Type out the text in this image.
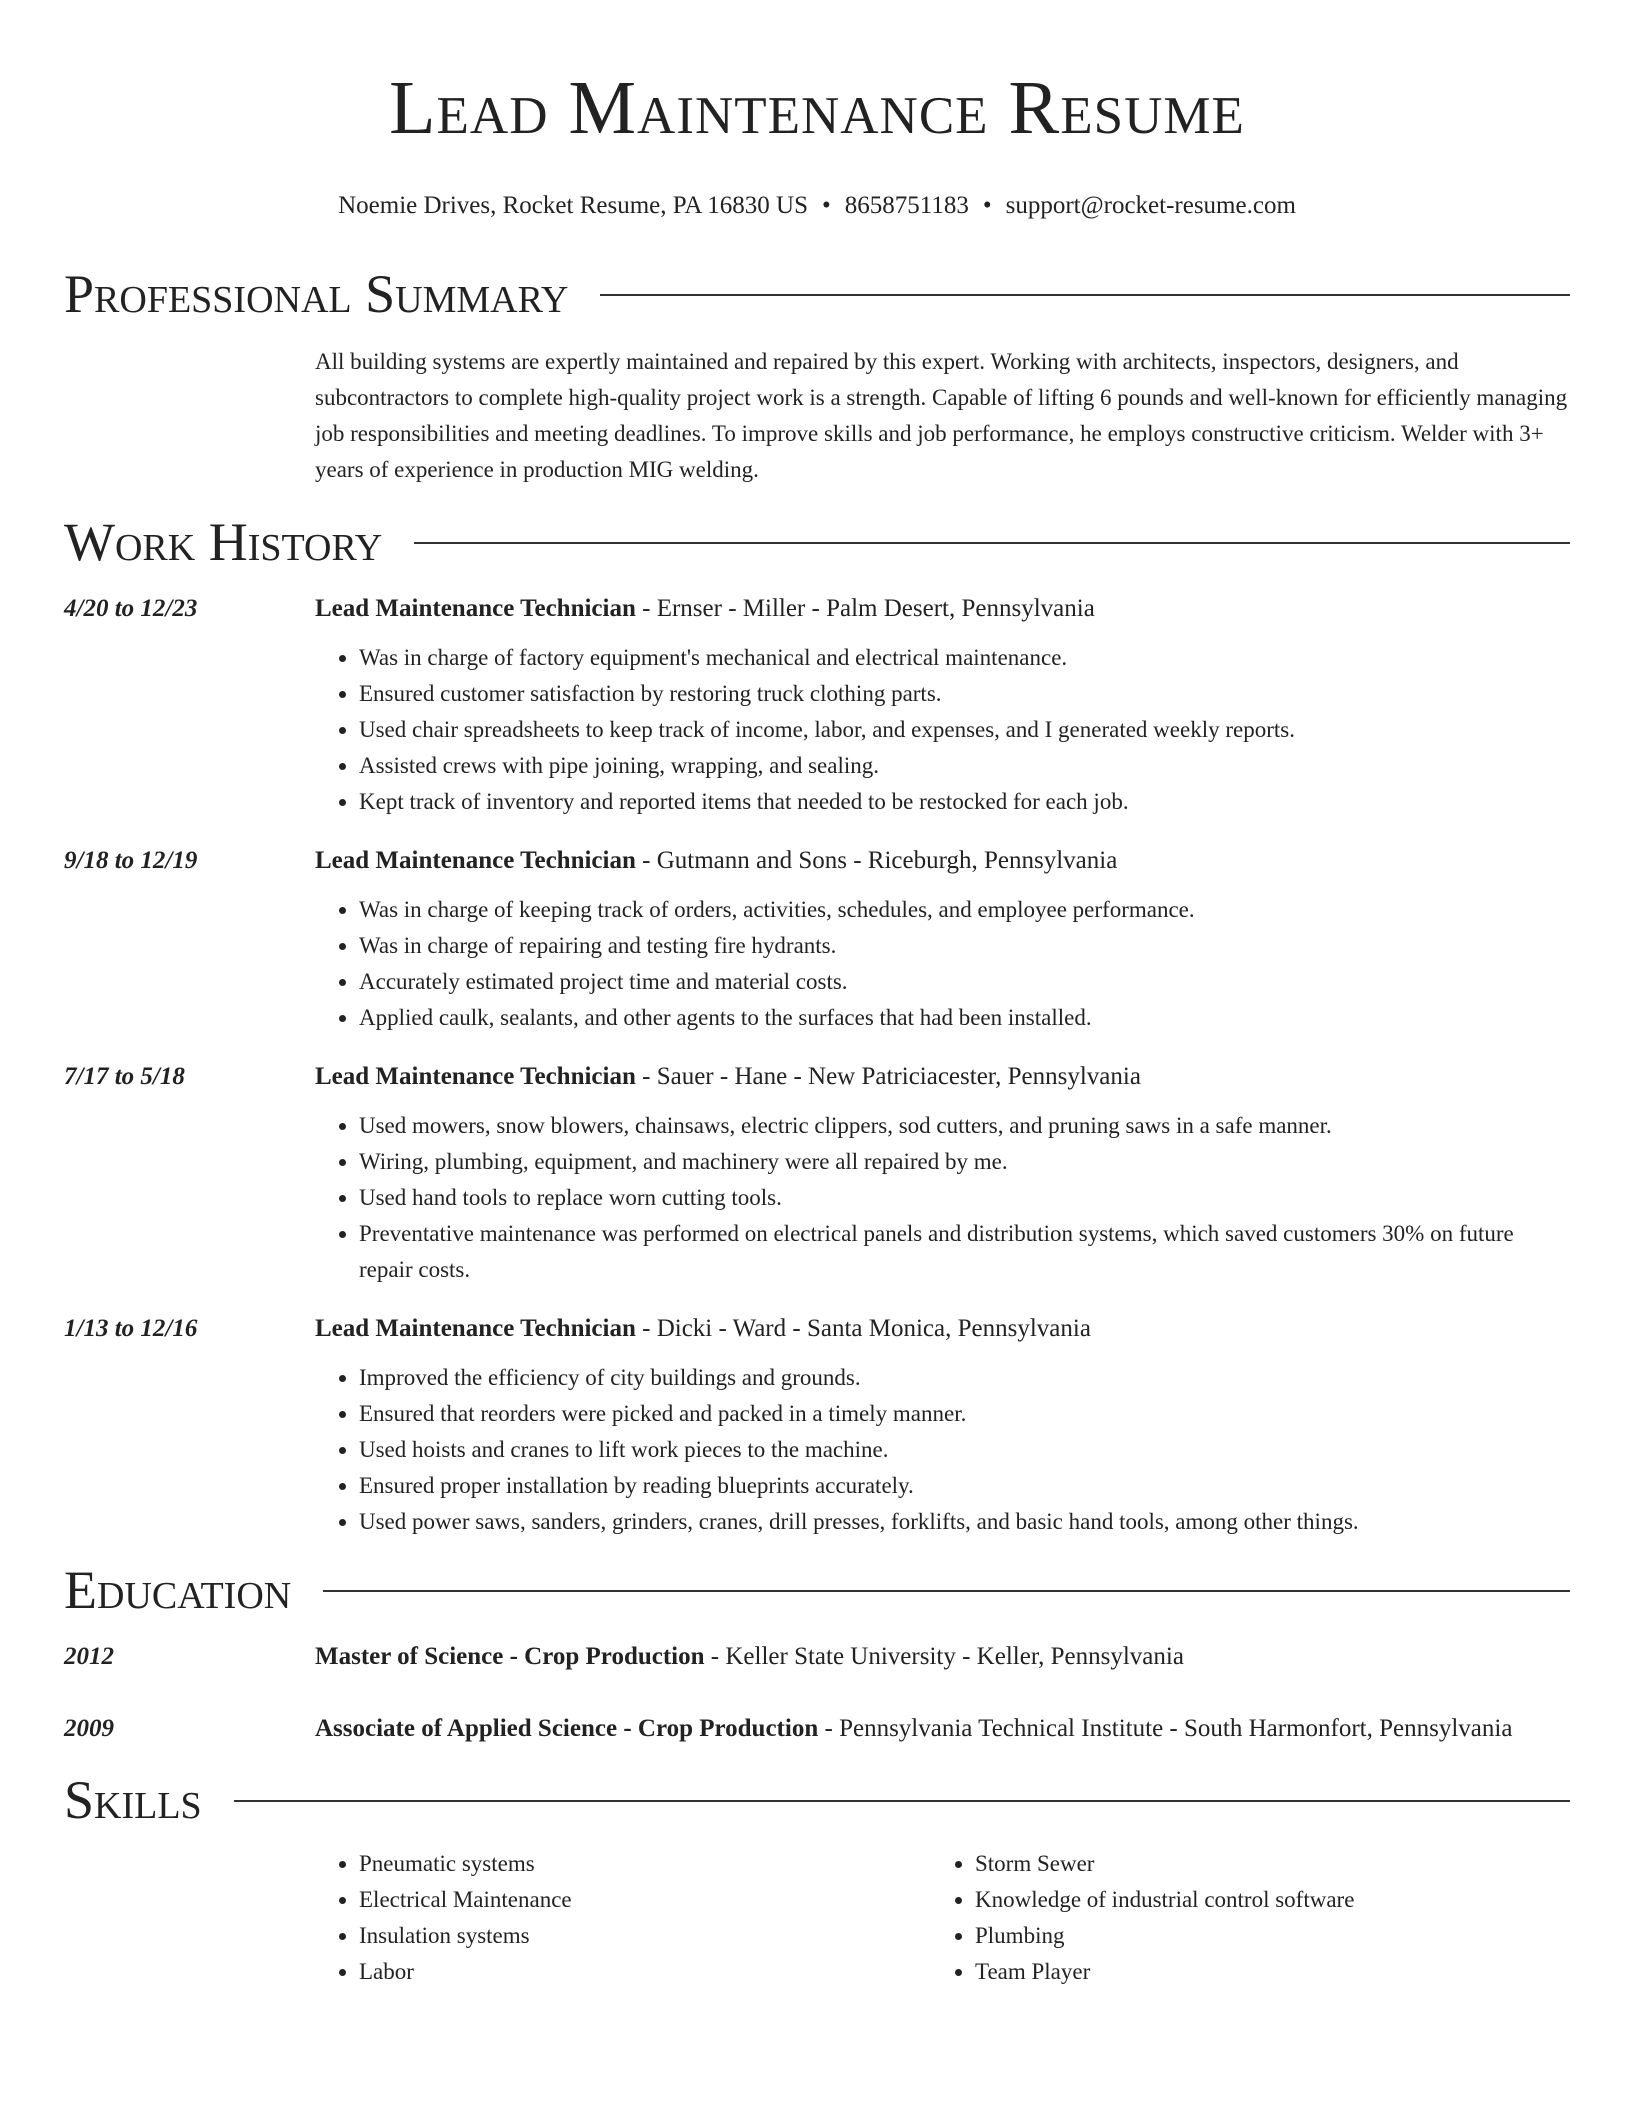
Lead Maintenance Resume
Noemie Drives, Rocket Resume, PA 16830 US • 8658751183 • support@rocket-resume.com
Professional Summary
All building systems are expertly maintained and repaired by this expert. Working with architects, inspectors, designers, and subcontractors to complete high-quality project work is a strength. Capable of lifting 6 pounds and well-known for efficiently managing job responsibilities and meeting deadlines. To improve skills and job performance, he employs constructive criticism. Welder with 3+ years of experience in production MIG welding.
Work History
4/20 to 12/23	Lead Maintenance Technician - Ernser - Miller - Palm Desert, Pennsylvania
• Was in charge of factory equipment's mechanical and electrical maintenance.
• Ensured customer satisfaction by restoring truck clothing parts.
• Used chair spreadsheets to keep track of income, labor, and expenses, and I generated weekly reports.
• Assisted crews with pipe joining, wrapping, and sealing.
• Kept track of inventory and reported items that needed to be restocked for each job.
9/18 to 12/19	Lead Maintenance Technician - Gutmann and Sons - Riceburgh, Pennsylvania
• Was in charge of keeping track of orders, activities, schedules, and employee performance.
• Was in charge of repairing and testing fire hydrants.
• Accurately estimated project time and material costs.
• Applied caulk, sealants, and other agents to the surfaces that had been installed.
7/17 to 5/18	Lead Maintenance Technician - Sauer - Hane - New Patriciacester, Pennsylvania
• Used mowers, snow blowers, chainsaws, electric clippers, sod cutters, and pruning saws in a safe manner.
• Wiring, plumbing, equipment, and machinery were all repaired by me.
• Used hand tools to replace worn cutting tools.
• Preventative maintenance was performed on electrical panels and distribution systems, which saved customers 30% on future repair costs.
1/13 to 12/16	Lead Maintenance Technician - Dicki - Ward - Santa Monica, Pennsylvania
• Improved the efficiency of city buildings and grounds.
• Ensured that reorders were picked and packed in a timely manner.
• Used hoists and cranes to lift work pieces to the machine.
• Ensured proper installation by reading blueprints accurately.
• Used power saws, sanders, grinders, cranes, drill presses, forklifts, and basic hand tools, among other things.
Education
2012	Master of Science - Crop Production - Keller State University - Keller, Pennsylvania
2009	Associate of Applied Science - Crop Production - Pennsylvania Technical Institute - South Harmonfort, Pennsylvania
Skills
• Pneumatic systems
• Electrical Maintenance
• Insulation systems
• Labor
• Storm Sewer
• Knowledge of industrial control software
• Plumbing
• Team Player
